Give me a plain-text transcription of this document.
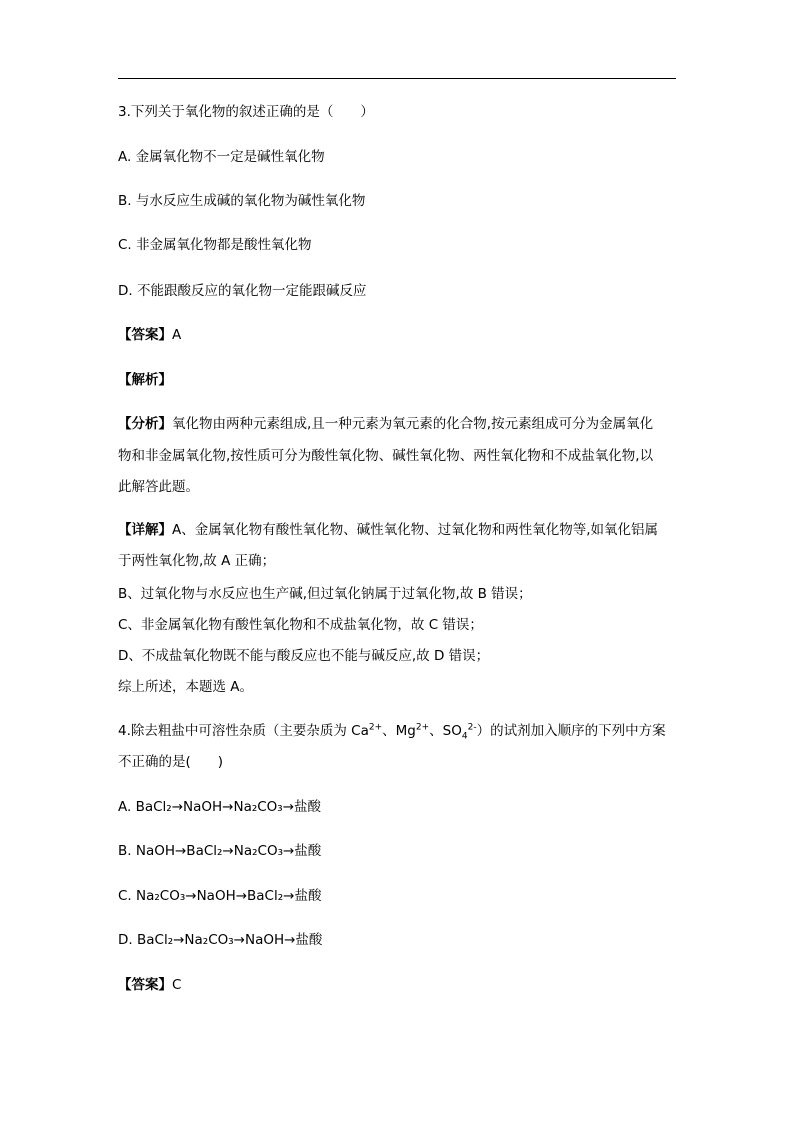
3.下列关于氧化物的叙述正确的是（　　）
A. 金属氧化物不一定是碱性氧化物
B. 与水反应生成碱的氧化物为碱性氧化物
C. 非金属氧化物都是酸性氧化物
D. 不能跟酸反应的氧化物一定能跟碱反应
【答案】A
【解析】
【分析】氧化物由两种元素组成,且一种元素为氧元素的化合物,按元素组成可分为金属氧化
物和非金属氧化物,按性质可分为酸性氧化物、碱性氧化物、两性氧化物和不成盐氧化物,以
此解答此题。
【详解】A、金属氧化物有酸性氧化物、碱性氧化物、过氧化物和两性氧化物等,如氧化铝属
于两性氧化物,故 A 正确；
B、过氧化物与水反应也生产碱,但过氧化钠属于过氧化物,故 B 错误；
C、非金属氧化物有酸性氧化物和不成盐氧化物，故 C 错误；
D、不成盐氧化物既不能与酸反应也不能与碱反应,故 D 错误；
综上所述，本题选 A。
4.除去粗盐中可溶性杂质（主要杂质为 $Ca^{2+}$、$Mg^{2+}$、$SO_4^{2-}$）的试剂加入顺序的下列中方案
不正确的是(　　)
A. BaCl₂→NaOH→Na₂CO₃→盐酸
B. NaOH→BaCl₂→Na₂CO₃→盐酸
C. Na₂CO₃→NaOH→BaCl₂→盐酸
D. BaCl₂→Na₂CO₃→NaOH→盐酸
【答案】C
